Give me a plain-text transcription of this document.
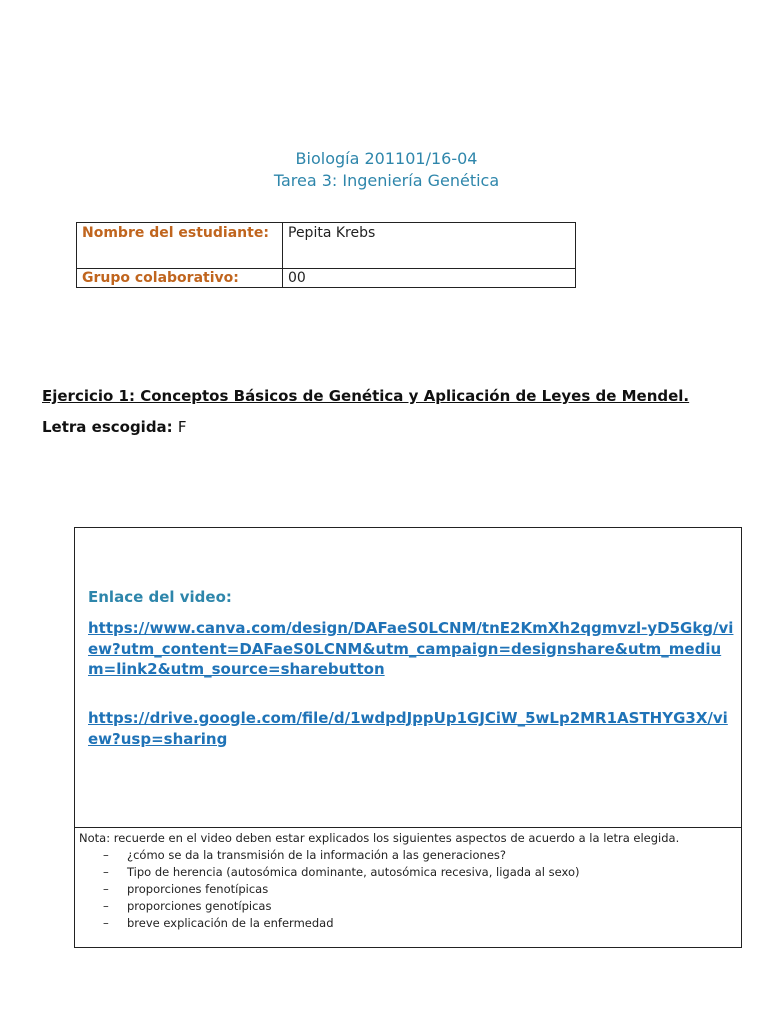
Biología 201101/16-04
Tarea 3: Ingeniería Genética
Nombre del estudiante:	Pepita Krebs
Grupo colaborativo:	00
Ejercicio 1: Conceptos Básicos de Genética y Aplicación de Leyes de Mendel.
Letra escogida: F
Enlace del video:
https://www.canva.com/design/DAFaeS0LCNM/tnE2KmXh2qgmvzl-yD5Gkg/view?utm_content=DAFaeS0LCNM&utm_campaign=designshare&utm_medium=link2&utm_source=sharebutton
https://drive.google.com/file/d/1wdpdJppUp1GJCiW_5wLp2MR1ASTHYG3X/view?usp=sharing

Nota: recuerde en el video deben estar explicados los siguientes aspectos de acuerdo a la letra elegida.

– ¿cómo se da la transmisión de la información a las generaciones?
– Tipo de herencia (autosómica dominante, autosómica recesiva, ligada al sexo)
– proporciones fenotípicas
– proporciones genotípicas
– breve explicación de la enfermedad
